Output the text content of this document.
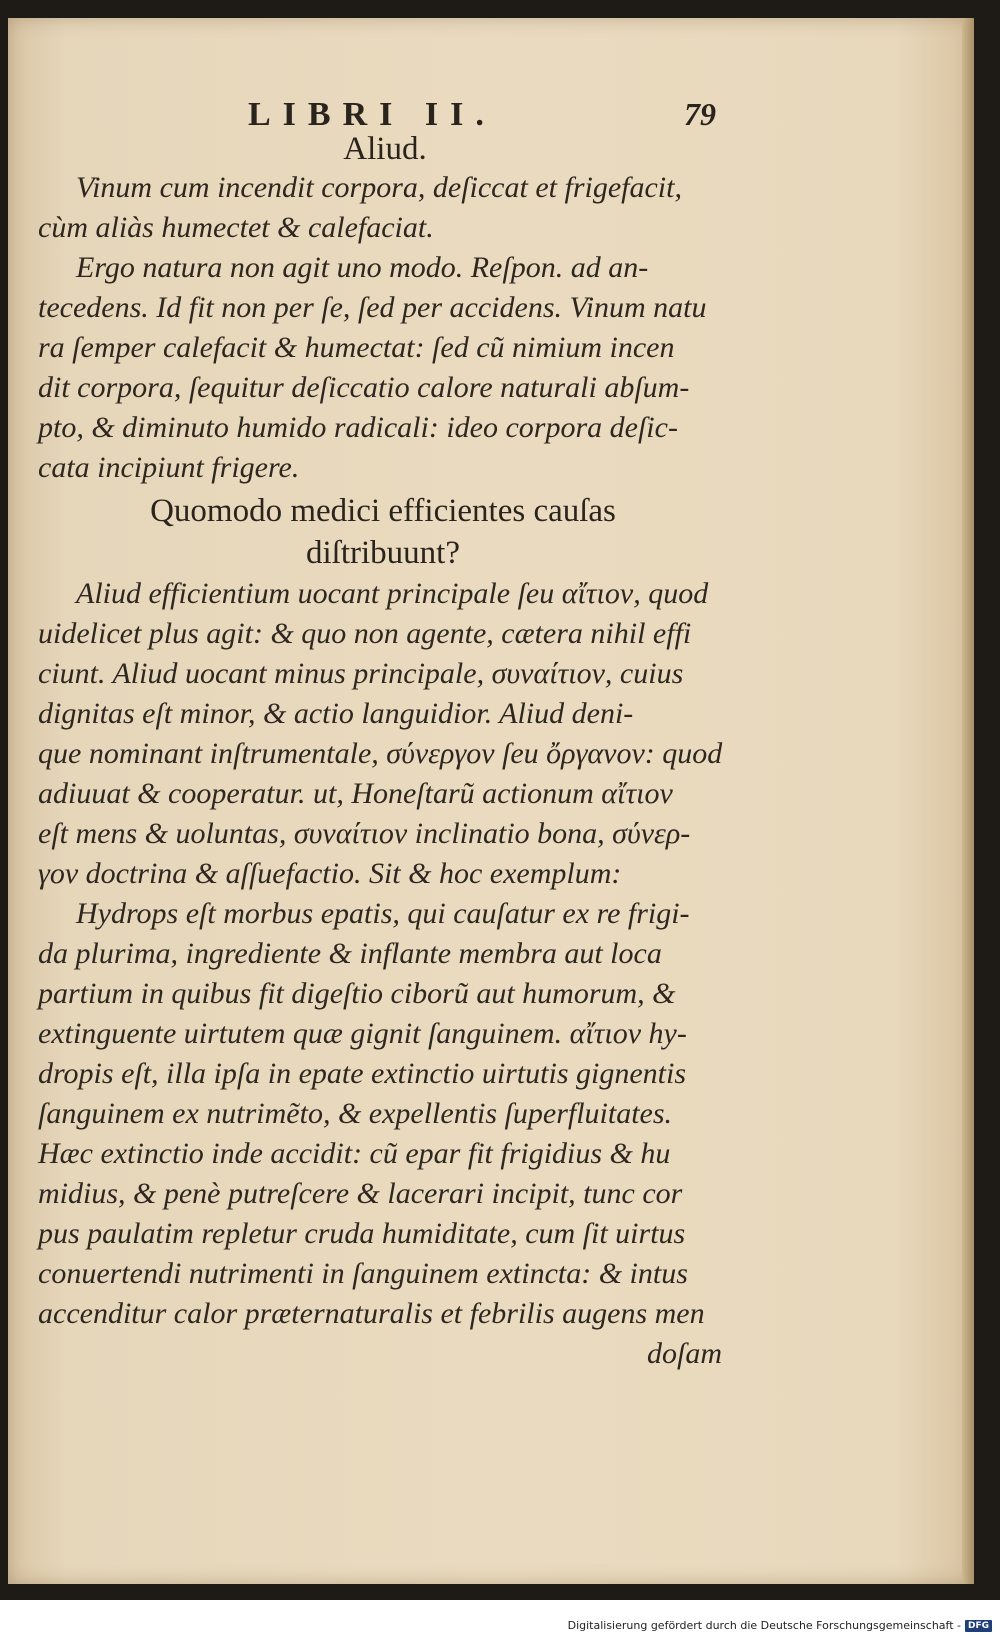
LIBRI II.	79
Aliud.
Vinum cum incendit corpora, deſiccat et frigefacit,
cùm aliàs humectet & calefaciat.
Ergo natura non agit uno modo. Reſpon. ad an-
tecedens. Id fit non per ſe, ſed per accidens. Vinum natu
ra ſemper calefacit & humectat: ſed cũ nimium incen
dit corpora, ſequitur deſiccatio calore naturali abſum-
pto, & diminuto humido radicali: ideo corpora deſic-
cata incipiunt frigere.
Quomodo medici efficientes cauſas
diſtribuunt?
Aliud efficientium uocant principale ſeu αἴτιον, quod
uidelicet plus agit: & quo non agente, cætera nihil effi
ciunt. Aliud uocant minus principale, συναίτιον, cuius
dignitas eſt minor, & actio languidior. Aliud deni-
que nominant inſtrumentale, σύνεργον ſeu ὄργανον: quod
adiuuat & cooperatur. ut, Honeſtarũ actionum αἴτιον
eſt mens & uoluntas, συναίτιον inclinatio bona, σύνερ-
γον doctrina & aſſuefactio. Sit & hoc exemplum:
Hydrops eſt morbus epatis, qui cauſatur ex re frigi-
da plurima, ingrediente & inflante membra aut loca
partium in quibus fit digeſtio ciborũ aut humorum, &
extinguente uirtutem quæ gignit ſanguinem. αἴτιον hy-
dropis eſt, illa ipſa in epate extinctio uirtutis gignentis
ſanguinem ex nutrimẽto, & expellentis ſuperfluitates.
Hæc extinctio inde accidit: cũ epar fit frigidius & hu
midius, & penè putreſcere & lacerari incipit, tunc cor
pus paulatim repletur cruda humiditate, cum ſit uirtus
conuertendi nutrimenti in ſanguinem extincta: & intus
accenditur calor præternaturalis et febrilis augens men
doſam
Digitalisierung gefördert durch die Deutsche Forschungsgemeinschaft - DFG
